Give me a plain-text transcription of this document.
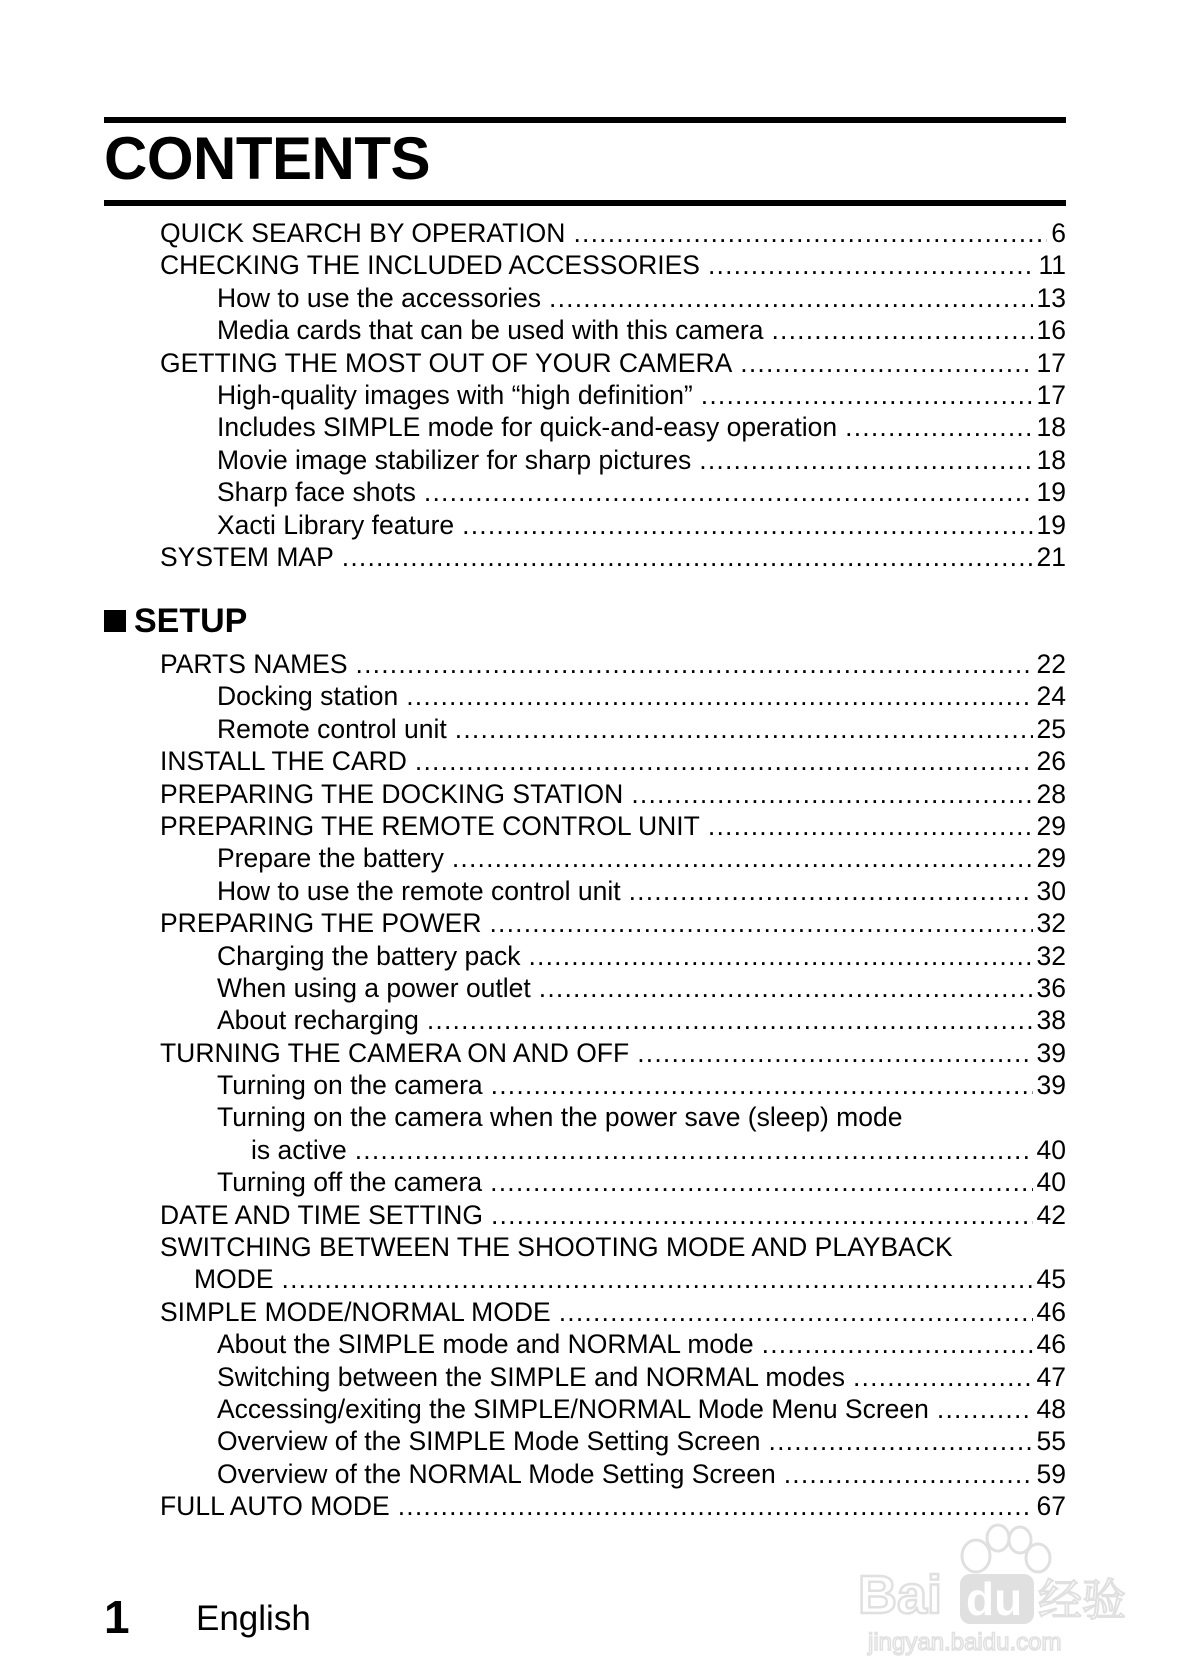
CONTENTS
QUICK SEARCH BY OPERATION .....	6
CHECKING THE INCLUDED ACCESSORIES .....	11
How to use the accessories .....	13
Media cards that can be used with this camera .....	16
GETTING THE MOST OUT OF YOUR CAMERA .....	17
High-quality images with “high definition” .....	17
Includes SIMPLE mode for quick-and-easy operation .....	18
Movie image stabilizer for sharp pictures .....	18
Sharp face shots .....	19
Xacti Library feature .....	19
SYSTEM MAP .....	21
SETUP
PARTS NAMES .....	22
Docking station .....	24
Remote control unit .....	25
INSTALL THE CARD .....	26
PREPARING THE DOCKING STATION .....	28
PREPARING THE REMOTE CONTROL UNIT .....	29
Prepare the battery .....	29
How to use the remote control unit .....	30
PREPARING THE POWER .....	32
Charging the battery pack .....	32
When using a power outlet .....	36
About recharging .....	38
TURNING THE CAMERA ON AND OFF .....	39
Turning on the camera .....	39
Turning on the camera when the power save (sleep) mode
is active .....	40
Turning off the camera .....	40
DATE AND TIME SETTING .....	42
SWITCHING BETWEEN THE SHOOTING MODE AND PLAYBACK
MODE .....	45
SIMPLE MODE/NORMAL MODE .....	46
About the SIMPLE mode and NORMAL mode .....	46
Switching between the SIMPLE and NORMAL modes .....	47
Accessing/exiting the SIMPLE/NORMAL Mode Menu Screen .....	48
Overview of the SIMPLE Mode Setting Screen .....	55
Overview of the NORMAL Mode Setting Screen .....	59
FULL AUTO MODE .....	67
1 English	Bai du 经验
jingyan.baidu.com
